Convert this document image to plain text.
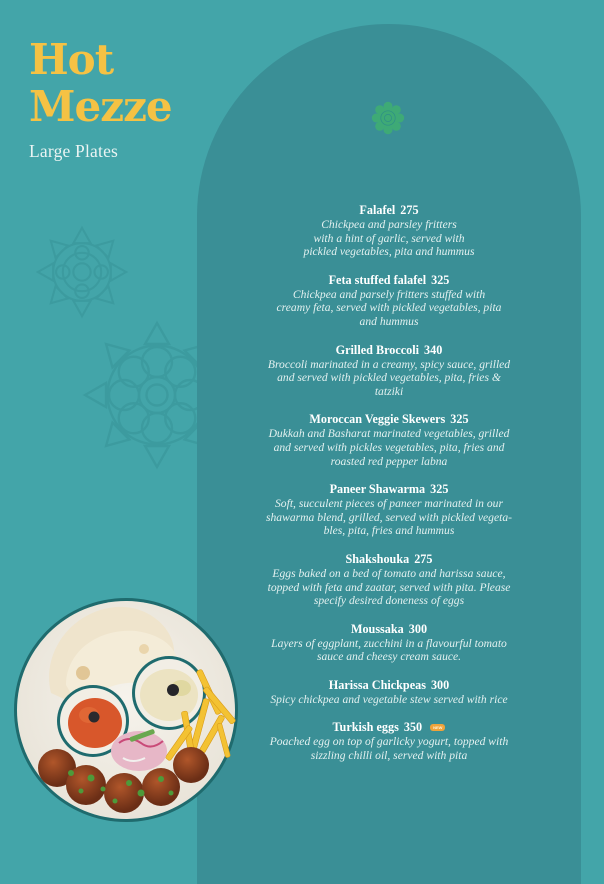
Hot
Mezze
Large Plates
Falafel 275
Chickpea and parsley fritters
with a hint of garlic, served with
pickled vegetables, pita and hummus
Feta stuffed falafel 325
Chickpea and parsely fritters stuffed with
creamy feta, served with pickled vegetables, pita
and hummus
Grilled Broccoli 340
Broccoli marinated in a creamy, spicy sauce, grilled
and served with pickled vegetables, pita, fries &
tatziki
Moroccan Veggie Skewers 325
Dukkah and Basharat marinated vegetables, grilled
and served with pickles vegetables, pita, fries and
roasted red pepper labna
Paneer Shawarma 325
Soft, succulent pieces of paneer marinated in our
shawarma blend, grilled, served with pickled vegeta-
bles, pita, fries and hummus
Shakshouka 275
Eggs baked on a bed of tomato and harissa sauce,
topped with feta and zaatar, served with pita. Please
specify desired doneness of eggs
Moussaka 300
Layers of eggplant, zucchini in a flavourful tomato
sauce and cheesy cream sauce.
Harissa Chickpeas 300
Spicy chickpea and vegetable stew served with rice
Turkish eggs 350	NEW
Poached egg on top of garlicky yogurt, topped with
sizzling chilli oil, served with pita
